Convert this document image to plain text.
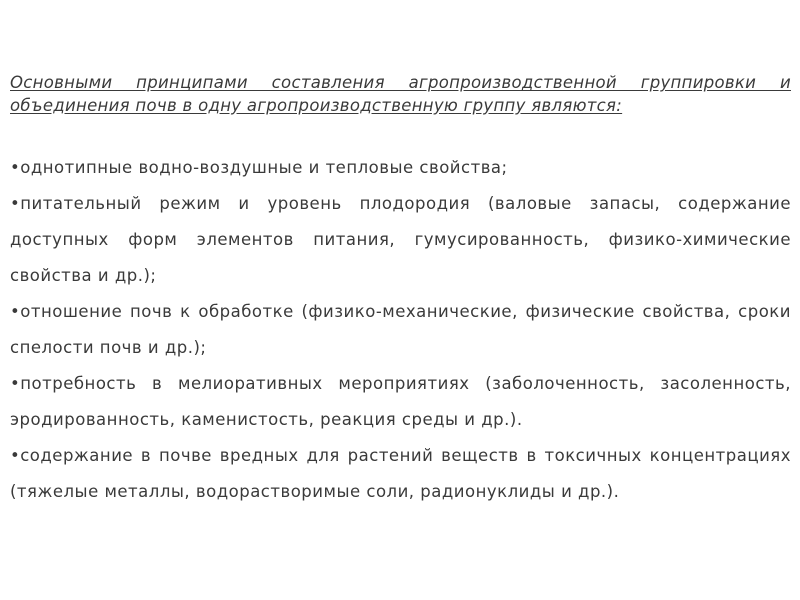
Основными принципами составления агропроизводственной группировки и объединения почв в одну агропроизводственную группу являются:

•однотипные водно-воздушные и тепловые свойства;
•питательный режим и уровень плодородия (валовые запасы, содержание доступных форм элементов питания, гумусированность, физико-химические свойства и др.);
•отношение почв к обработке (физико-механические, физические свойства, сроки спелости почв и др.);
•потребность в мелиоративных мероприятиях (заболоченность, засоленность, эродированность, каменистость, реакция среды и др.).
•содержание в почве вредных для растений веществ в токсичных концентрациях (тяжелые металлы, водорастворимые соли, радионуклиды и др.).
